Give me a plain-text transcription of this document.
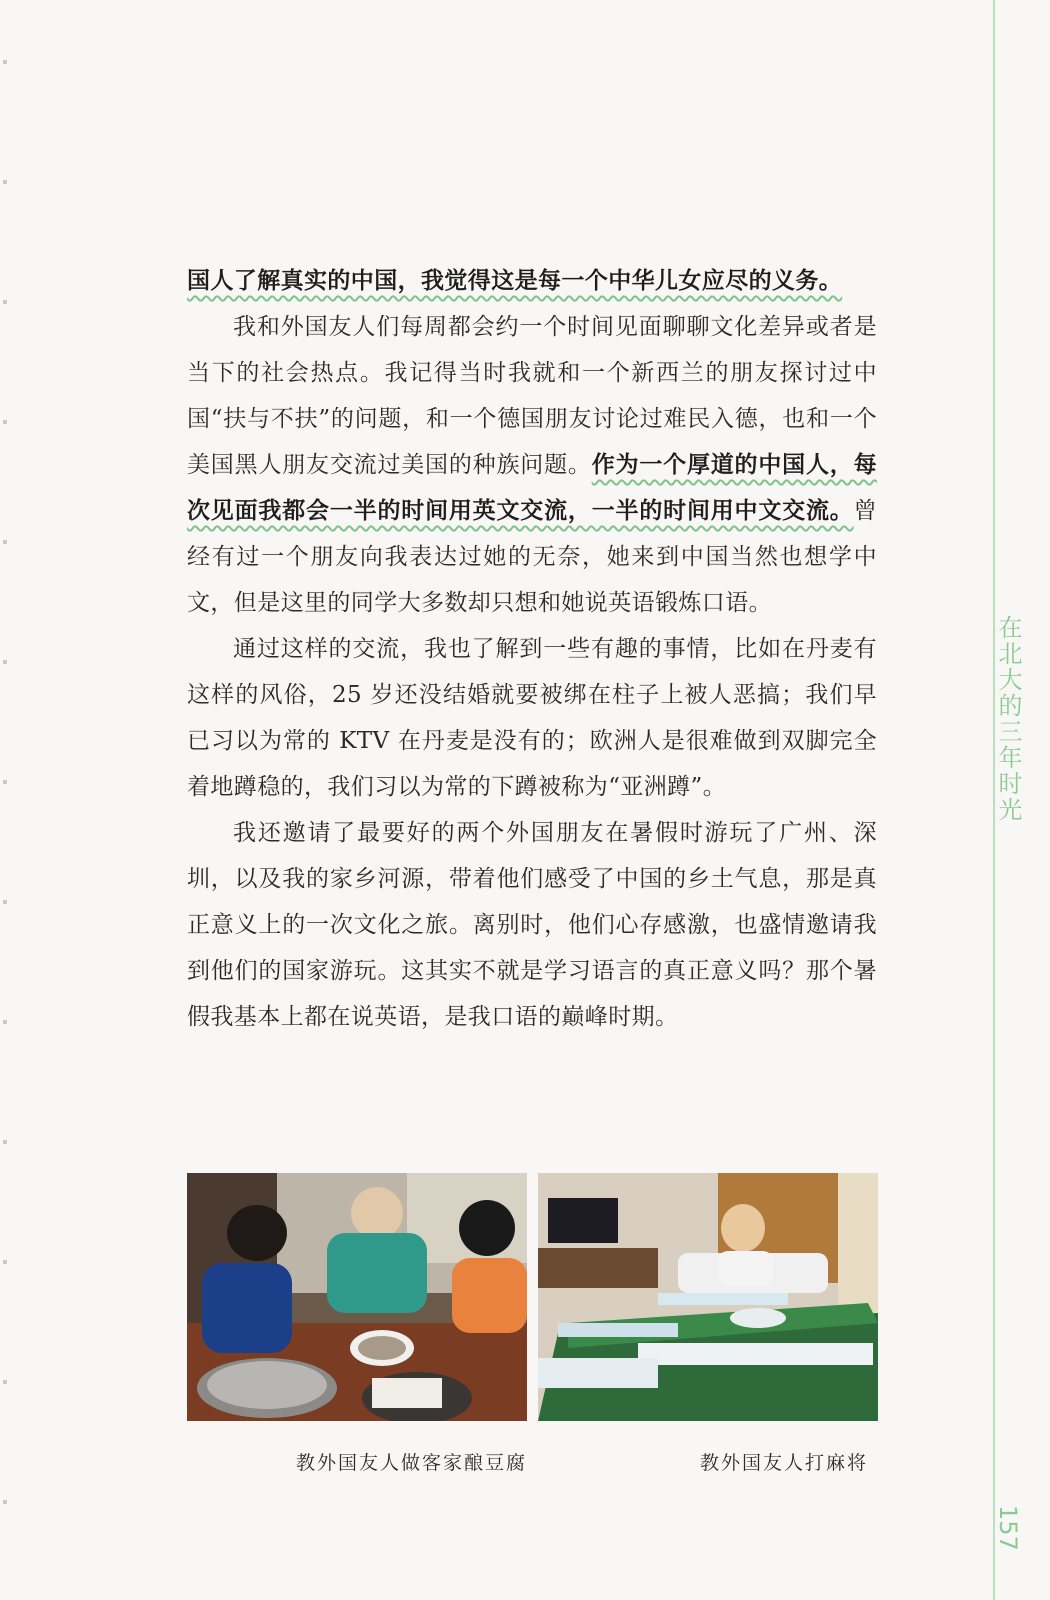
国人了解真实的中国，我觉得这是每一个中华儿女应尽的义务。

我和外国友人们每周都会约一个时间见面聊聊文化差异或者是当下的社会热点。我记得当时我就和一个新西兰的朋友探讨过中国“扶与不扶”的问题，和一个德国朋友讨论过难民入德，也和一个美国黑人朋友交流过美国的种族问题。作为一个厚道的中国人，每次见面我都会一半的时间用英文交流，一半的时间用中文交流。曾经有过一个朋友向我表达过她的无奈，她来到中国当然也想学中文，但是这里的同学大多数却只想和她说英语锻炼口语。

通过这样的交流，我也了解到一些有趣的事情，比如在丹麦有这样的风俗，25 岁还没结婚就要被绑在柱子上被人恶搞；我们早已习以为常的 KTV 在丹麦是没有的；欧洲人是很难做到双脚完全着地蹲稳的，我们习以为常的下蹲被称为“亚洲蹲”。

我还邀请了最要好的两个外国朋友在暑假时游玩了广州、深圳，以及我的家乡河源，带着他们感受了中国的乡土气息，那是真正意义上的一次文化之旅。离别时，他们心存感激，也盛情邀请我到他们的国家游玩。这其实不就是学习语言的真正意义吗？那个暑假我基本上都在说英语，是我口语的巅峰时期。

教外国友人做客家酿豆腐	教外国友人打麻将
在北大的三年时光
157
